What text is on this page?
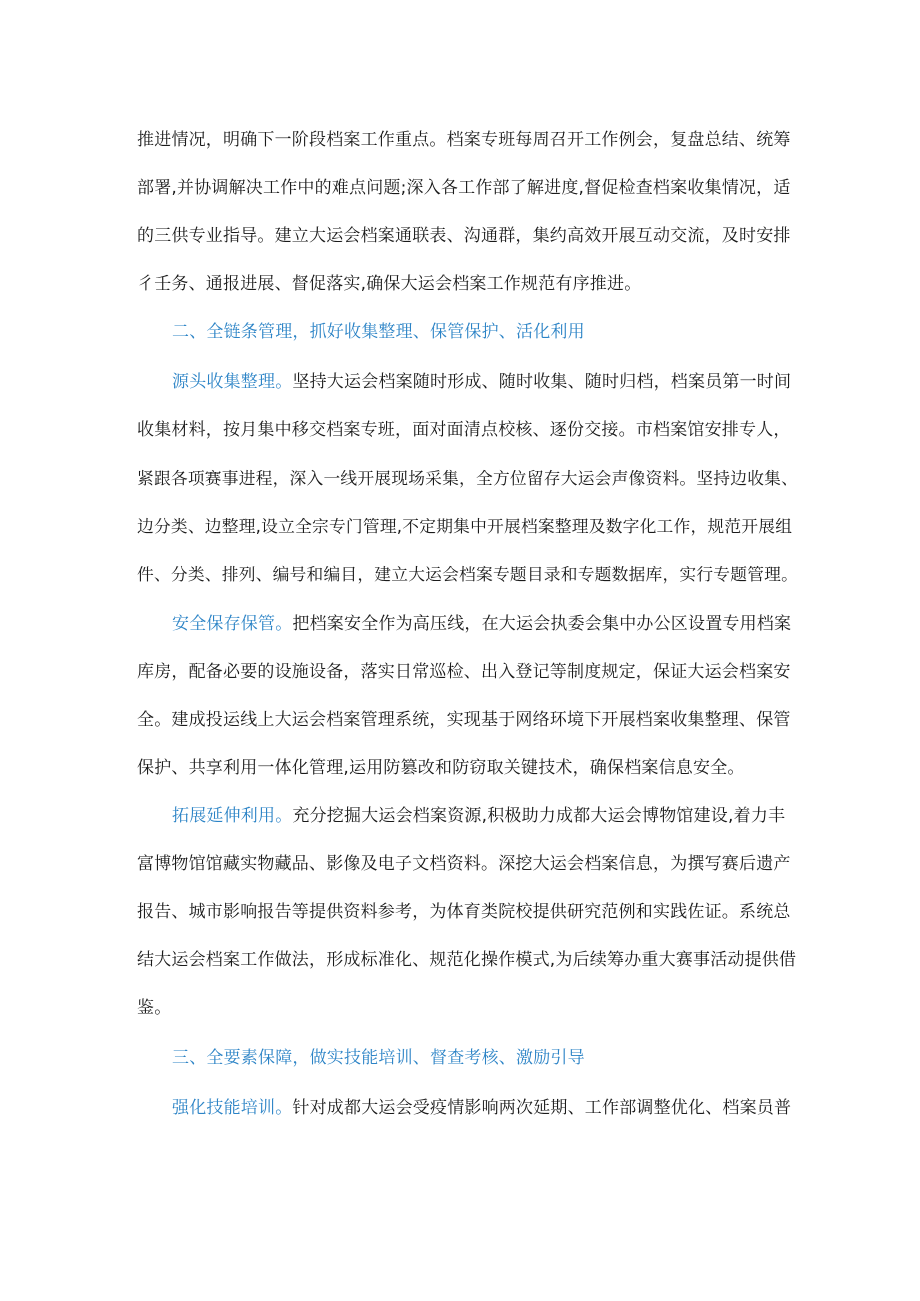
推进情况，明确下一阶段档案工作重点。档案专班每周召开工作例会，复盘总结、统筹
部署,并协调解决工作中的难点问题;深入各工作部了解进度,督促检查档案收集情况，适
的三供专业指导。建立大运会档案通联表、沟通群，集约高效开展互动交流，及时安排
彳壬务、通报进展、督促落实,确保大运会档案工作规范有序推进。
二、全链条管理，抓好收集整理、保管保护、活化利用
源头收集整理。坚持大运会档案随时形成、随时收集、随时归档，档案员第一时间
收集材料，按月集中移交档案专班，面对面清点校核、逐份交接。市档案馆安排专人，
紧跟各项赛事进程，深入一线开展现场采集，全方位留存大运会声像资料。坚持边收集、
边分类、边整理,设立全宗专门管理,不定期集中开展档案整理及数字化工作，规范开展组
件、分类、排列、编号和编目，建立大运会档案专题目录和专题数据库，实行专题管理。
安全保存保管。把档案安全作为高压线，在大运会执委会集中办公区设置专用档案
库房，配备必要的设施设备，落实日常巡检、出入登记等制度规定，保证大运会档案安
全。建成投运线上大运会档案管理系统，实现基于网络环境下开展档案收集整理、保管
保护、共享利用一体化管理,运用防篡改和防窃取关键技术，确保档案信息安全。
拓展延伸利用。充分挖掘大运会档案资源,积极助力成都大运会博物馆建设,着力丰
富博物馆馆藏实物藏品、影像及电子文档资料。深挖大运会档案信息，为撰写赛后遗产
报告、城市影响报告等提供资料参考，为体育类院校提供研究范例和实践佐证。系统总
结大运会档案工作做法，形成标准化、规范化操作模式,为后续筹办重大赛事活动提供借
鉴。
三、全要素保障，做实技能培训、督查考核、激励引导
强化技能培训。针对成都大运会受疫情影响两次延期、工作部调整优化、档案员普
